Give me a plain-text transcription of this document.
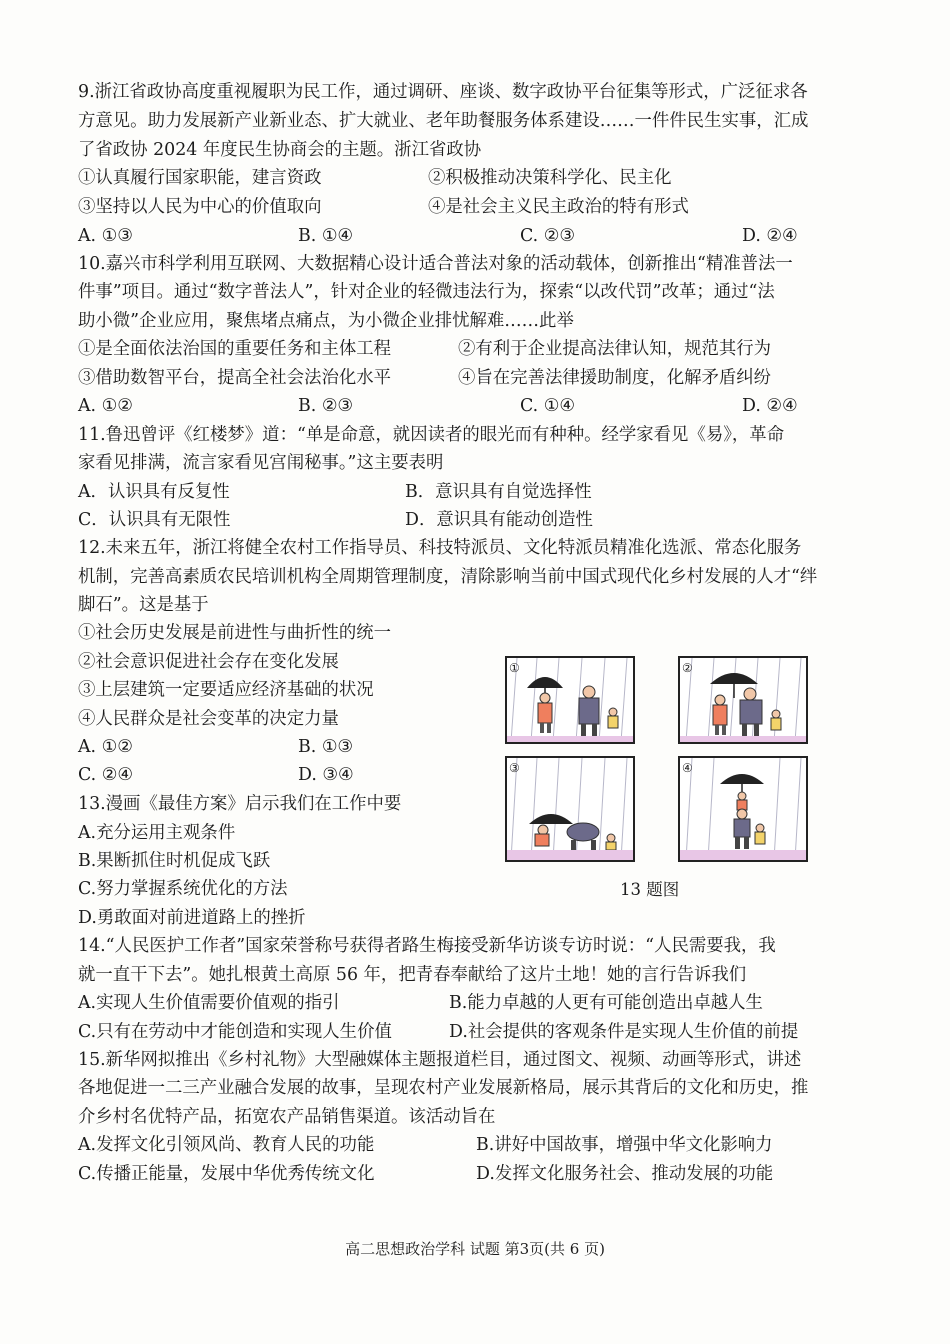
9.浙江省政协高度重视履职为民工作，通过调研、座谈、数字政协平台征集等形式，广泛征求各
方意见。助力发展新产业新业态、扩大就业、老年助餐服务体系建设……一件件民生实事，汇成
了省政协 2024 年度民生协商会的主题。浙江省政协
①认真履行国家职能，建言资政	②积极推动决策科学化、民主化
③坚持以人民为中心的价值取向	④是社会主义民主政治的特有形式
A. ①③	B. ①④	C. ②③	D. ②④
10.嘉兴市科学利用互联网、大数据精心设计适合普法对象的活动载体，创新推出“精准普法一
件事”项目。通过“数字普法人”，针对企业的轻微违法行为，探索“以改代罚”改革；通过“法
助小微”企业应用，聚焦堵点痛点，为小微企业排忧解难……此举
①是全面依法治国的重要任务和主体工程	②有利于企业提高法律认知，规范其行为
③借助数智平台，提高全社会法治化水平	④旨在完善法律援助制度，化解矛盾纠纷
A. ①②	B. ②③	C. ①④	D. ②④
11.鲁迅曾评《红楼梦》道：“单是命意，就因读者的眼光而有种种。经学家看见《易》，革命
家看见排满，流言家看见宫闱秘事。”这主要表明
A．认识具有反复性	B．意识具有自觉选择性
C．认识具有无限性	D．意识具有能动创造性
12.未来五年，浙江将健全农村工作指导员、科技特派员、文化特派员精准化选派、常态化服务
机制，完善高素质农民培训机构全周期管理制度，清除影响当前中国式现代化乡村发展的人才“绊
脚石”。这是基于
①社会历史发展是前进性与曲折性的统一
②社会意识促进社会存在变化发展
③上层建筑一定要适应经济基础的状况
④人民群众是社会变革的决定力量
A. ①②	B. ①③
C. ②④	D. ③④
13.漫画《最佳方案》启示我们在工作中要
A.充分运用主观条件
B.果断抓住时机促成飞跃
C.努力掌握系统优化的方法
D.勇敢面对前进道路上的挫折
①	②
③	④
13 题图
14.“人民医护工作者”国家荣誉称号获得者路生梅接受新华访谈专访时说：“人民需要我，我
就一直干下去”。她扎根黄土高原 56 年，把青春奉献给了这片土地！她的言行告诉我们
A.实现人生价值需要价值观的指引	B.能力卓越的人更有可能创造出卓越人生
C.只有在劳动中才能创造和实现人生价值	D.社会提供的客观条件是实现人生价值的前提
15.新华网拟推出《乡村礼物》大型融媒体主题报道栏目，通过图文、视频、动画等形式，讲述
各地促进一二三产业融合发展的故事，呈现农村产业发展新格局，展示其背后的文化和历史，推
介乡村名优特产品，拓宽农产品销售渠道。该活动旨在
A.发挥文化引领风尚、教育人民的功能	B.讲好中国故事，增强中华文化影响力
C.传播正能量，发展中华优秀传统文化	D.发挥文化服务社会、推动发展的功能
高二思想政治学科 试题 第3页(共 6 页)
